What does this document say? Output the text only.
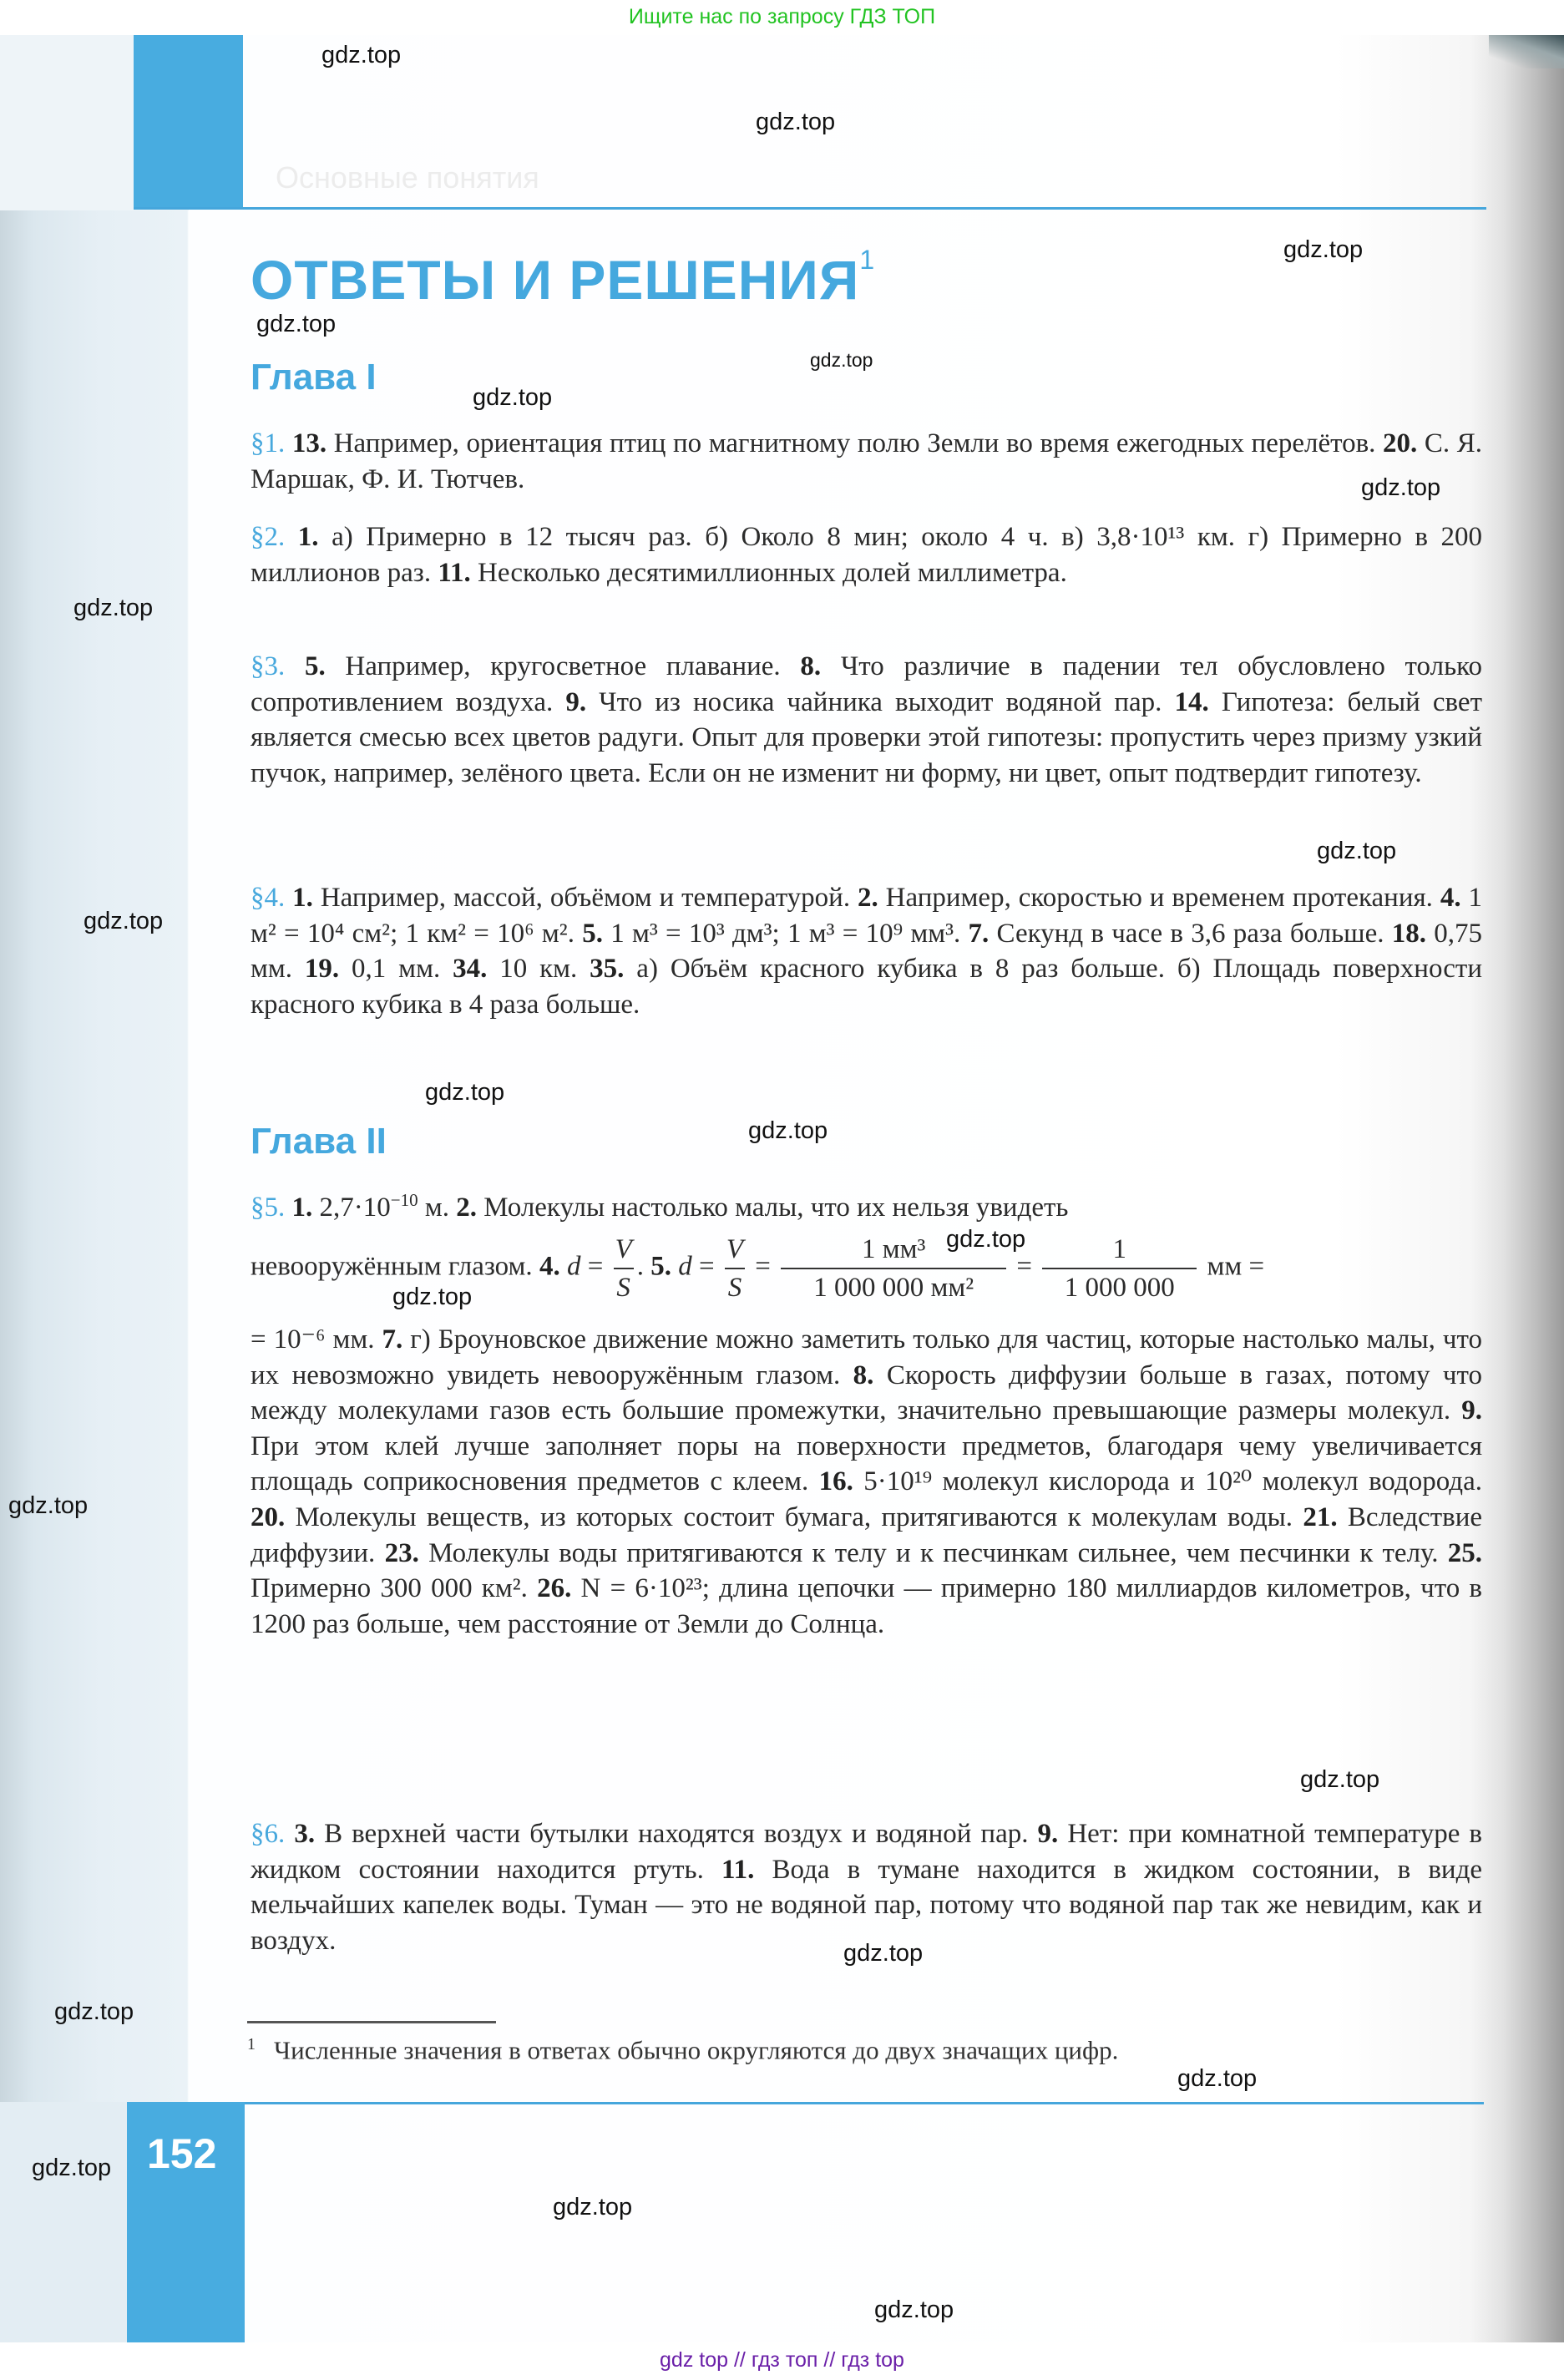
Ищите нас по запросу ГДЗ ТОП
Основные понятия
ОТВЕТЫ И РЕШЕНИЯ$^1$
Глава I
§1. 13. Например, ориентация птиц по магнитному полю Земли во время ежегодных перелётов. 20. С. Я. Маршак, Ф. И. Тютчев.
§2. 1. а) Примерно в 12 тысяч раз. б) Около 8 мин; около 4 ч. в) 3,8·10¹³ км. г) Примерно в 200 миллионов раз. 11. Несколько десятимиллионных долей миллиметра.
§3. 5. Например, кругосветное плавание. 8. Что различие в падении тел обусловлено только сопротивлением воздуха. 9. Что из носика чайника выходит водяной пар. 14. Гипотеза: белый свет является смесью всех цветов радуги. Опыт для проверки этой гипотезы: пропустить через призму узкий пучок, например, зелёного цвета. Если он не изменит ни форму, ни цвет, опыт подтвердит гипотезу.
§4. 1. Например, массой, объёмом и температурой. 2. Например, скоростью и временем протекания. 4. 1 м² = 10⁴ см²; 1 км² = 10⁶ м². 5. 1 м³ = 10³ дм³; 1 м³ = 10⁹ мм³. 7. Секунд в часе в 3,6 раза больше. 18. 0,75 мм. 19. 0,1 мм. 34. 10 км. 35. а) Объём красного кубика в 8 раз больше. б) Площадь поверхности красного кубика в 4 раза больше.
Глава II
§5. 1. $2,7\cdot 10^{-10}$ м. 2. Молекулы настолько малы, что их нельзя увидеть
невооружённым глазом. 4. $d = \frac{V}{S}$ . 5. $d = \frac{V}{S} = \frac{\text{1 мм³}}{\text{1 000 000 мм²}} = \frac{1}{1 000 000}$ мм =
= 10⁻⁶ мм. 7. г) Броуновское движение можно заметить только для частиц, которые настолько малы, что их невозможно увидеть невооружённым глазом. 8. Скорость диффузии больше в газах, потому что между молекулами газов есть большие промежутки, значительно превышающие размеры молекул. 9. При этом клей лучше заполняет поры на поверхности предметов, благодаря чему увеличивается площадь соприкосновения предметов с клеем. 16. 5·10¹⁹ молекул кислорода и 10²⁰ молекул водорода. 20. Молекулы веществ, из которых состоит бумага, притягиваются к молекулам воды. 21. Вследствие диффузии. 23. Молекулы воды притягиваются к телу и к песчинкам сильнее, чем песчинки к телу. 25. Примерно 300 000 км². 26. N = 6·10²³; длина цепочки — примерно 180 миллиардов километров, что в 1200 раз больше, чем расстояние от Земли до Солнца.
§6. 3. В верхней части бутылки находятся воздух и водяной пар. 9. Нет: при комнатной температуре в жидком состоянии находится ртуть. 11. Вода в тумане находится в жидком состоянии, в виде мельчайших капелек воды. Туман — это не водяной пар, потому что водяной пар так же невидим, как и воздух.
$^1$ Численные значения в ответах обычно округляются до двух значащих цифр.
152
gdz.top
gdz.top
gdz.top
gdz.top
gdz.top
gdz.top
gdz.top
gdz.top
gdz.top
gdz.top
gdz.top
gdz.top
gdz.top
gdz.top
gdz.top
gdz.top
gdz.top
gdz.top
gdz.top
gdz.top
gdz.top
gdz.top
gdz top // гдз топ // гдз top
